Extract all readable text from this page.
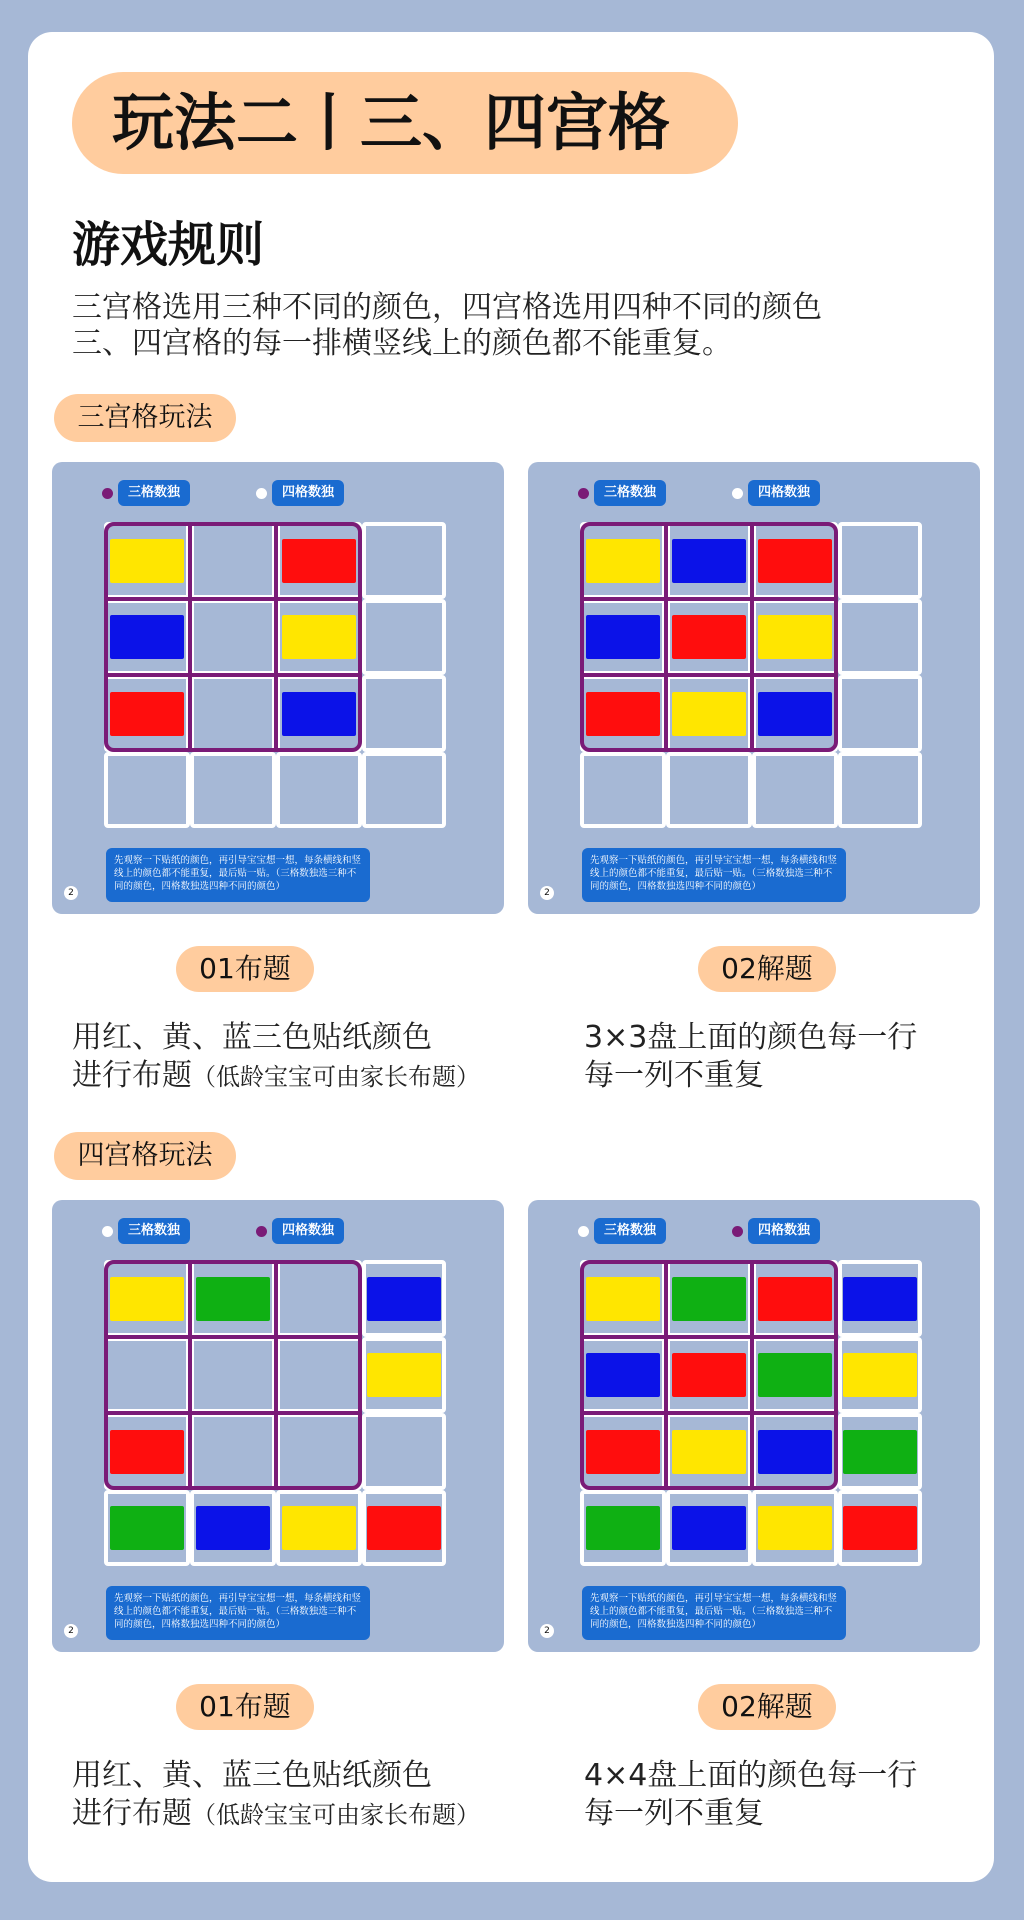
玩法二丨三、四宫格
游戏规则
三宫格选用三种不同的颜色，四宫格选用四种不同的颜色
三、四宫格的每一排横竖线上的颜色都不能重复。
三宫格玩法
三格数独	四格数独
先观察一下贴纸的颜色，再引导宝宝想一想，每条横线和竖线上的颜色都不能重复，最后贴一贴。（三格数独选三种不同的颜色，四格数独选四种不同的颜色）
2
三格数独	四格数独
先观察一下贴纸的颜色，再引导宝宝想一想，每条横线和竖线上的颜色都不能重复，最后贴一贴。（三格数独选三种不同的颜色，四格数独选四种不同的颜色）
2
01布题	02解题
用红、黄、蓝三色贴纸颜色
进行布题（低龄宝宝可由家长布题）
3×3盘上面的颜色每一行
每一列不重复
四宫格玩法
三格数独	四格数独
先观察一下贴纸的颜色，再引导宝宝想一想，每条横线和竖线上的颜色都不能重复，最后贴一贴。（三格数独选三种不同的颜色，四格数独选四种不同的颜色）
2
三格数独	四格数独
先观察一下贴纸的颜色，再引导宝宝想一想，每条横线和竖线上的颜色都不能重复，最后贴一贴。（三格数独选三种不同的颜色，四格数独选四种不同的颜色）
2
01布题	02解题
用红、黄、蓝三色贴纸颜色
进行布题（低龄宝宝可由家长布题）
4×4盘上面的颜色每一行
每一列不重复
